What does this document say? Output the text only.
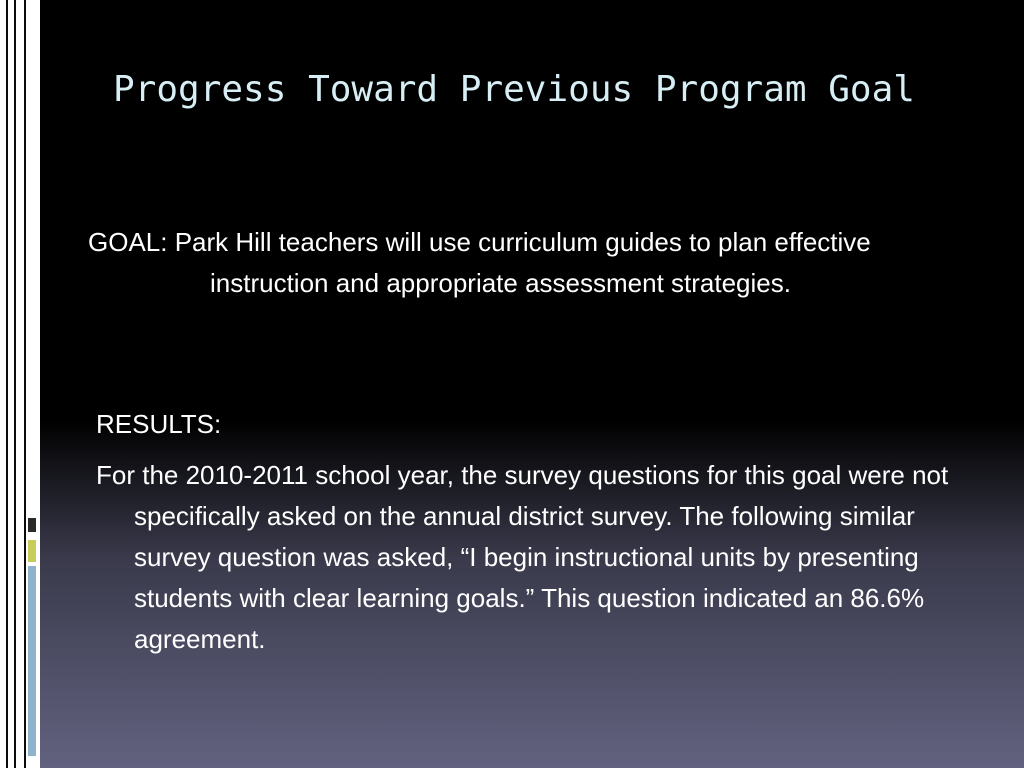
Progress Toward Previous Program Goal
GOAL: Park Hill teachers will use curriculum guides to plan effective instruction and appropriate assessment strategies.
RESULTS:
For the 2010-2011 school year, the survey questions for this goal were not specifically asked on the annual district survey. The following similar survey question was asked, “I begin instructional units by presenting students with clear learning goals.” This question indicated an 86.6% agreement.
